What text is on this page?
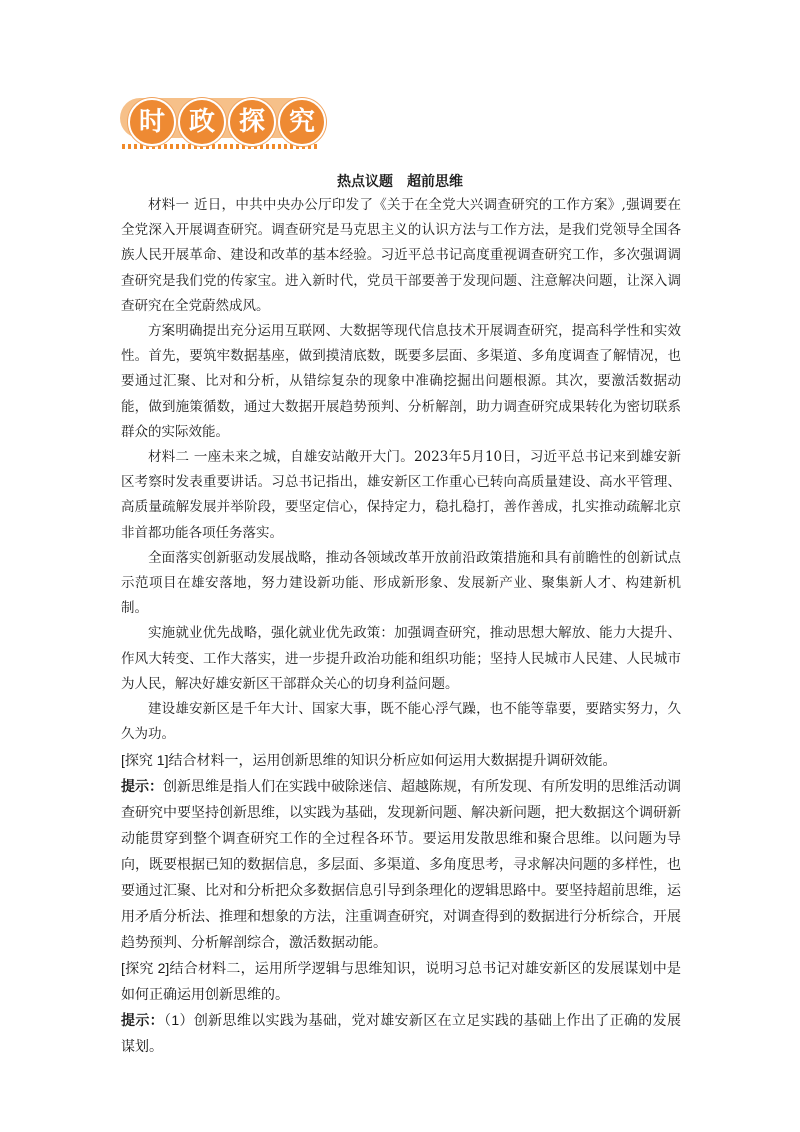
时 政 探 究
热点议题　超前思维

材料一 近日，中共中央办公厅印发了《关于在全党大兴调查研究的工作方案》,强调要在全党深入开展调查研究。调查研究是马克思主义的认识方法与工作方法，是我们党领导全国各族人民开展革命、建设和改革的基本经验。习近平总书记高度重视调查研究工作，多次强调调查研究是我们党的传家宝。进入新时代，党员干部要善于发现问题、注意解决问题，让深入调查研究在全党蔚然成风。

方案明确提出充分运用互联网、大数据等现代信息技术开展调查研究，提高科学性和实效性。首先，要筑牢数据基座，做到摸清底数，既要多层面、多渠道、多角度调查了解情况，也要通过汇聚、比对和分析，从错综复杂的现象中准确挖掘出问题根源。其次，要激活数据动能，做到施策循数，通过大数据开展趋势预判、分析解剖，助力调查研究成果转化为密切联系群众的实际效能。

材料二 一座未来之城，自雄安站敞开大门。2023年5月10日，习近平总书记来到雄安新区考察时发表重要讲话。习总书记指出，雄安新区工作重心已转向高质量建设、高水平管理、高质量疏解发展并举阶段，要坚定信心，保持定力，稳扎稳打，善作善成，扎实推动疏解北京非首都功能各项任务落实。

全面落实创新驱动发展战略，推动各领域改革开放前沿政策措施和具有前瞻性的创新试点示范项目在雄安落地，努力建设新功能、形成新形象、发展新产业、聚集新人才、构建新机制。

实施就业优先战略，强化就业优先政策：加强调查研究，推动思想大解放、能力大提升、作风大转变、工作大落实，进一步提升政治功能和组织功能；坚持人民城市人民建、人民城市为人民，解决好雄安新区干部群众关心的切身利益问题。

建设雄安新区是千年大计、国家大事，既不能心浮气躁，也不能等靠要，要踏实努力，久久为功。

[探究 1]结合材料一，运用创新思维的知识分析应如何运用大数据提升调研效能。

提示：创新思维是指人们在实践中破除迷信、超越陈规，有所发现、有所发明的思维活动调查研究中要坚持创新思维，以实践为基础，发现新问题、解决新问题，把大数据这个调研新动能贯穿到整个调查研究工作的全过程各环节。要运用发散思维和聚合思维。以问题为导向，既要根据已知的数据信息，多层面、多渠道、多角度思考，寻求解决问题的多样性，也要通过汇聚、比对和分析把众多数据信息引导到条理化的逻辑思路中。要坚持超前思维，运用矛盾分析法、推理和想象的方法，注重调查研究，对调查得到的数据进行分析综合，开展趋势预判、分析解剖综合，激活数据动能。

[探究 2]结合材料二，运用所学逻辑与思维知识，说明习总书记对雄安新区的发展谋划中是如何正确运用创新思维的。

提示：（1）创新思维以实践为基础，党对雄安新区在立足实践的基础上作出了正确的发展谋划。
